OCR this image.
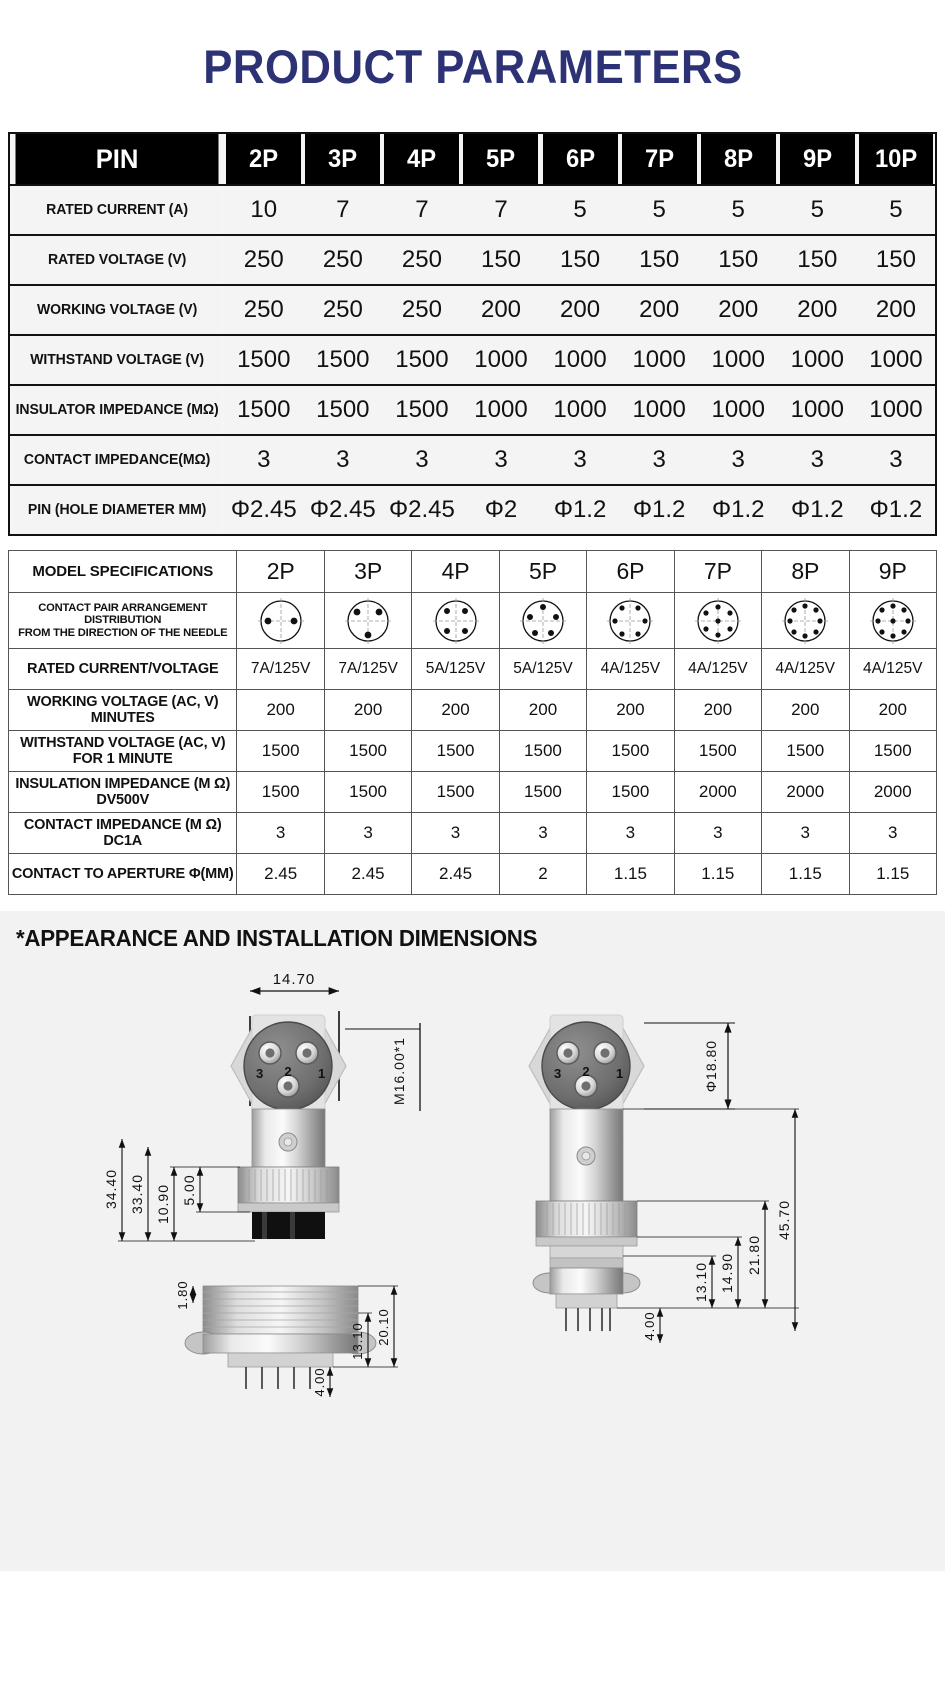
PRODUCT PARAMETERS
PIN	2P	3P	4P	5P	6P	7P	8P	9P	10P
RATED CURRENT (A)	10	7	7	7	5	5	5	5	5
RATED VOLTAGE (V)	250	250	250	150	150	150	150	150	150
WORKING VOLTAGE (V)	250	250	250	200	200	200	200	200	200
WITHSTAND VOLTAGE (V)	1500	1500	1500	1000	1000	1000	1000	1000	1000
INSULATOR IMPEDANCE (MΩ)	1500	1500	1500	1000	1000	1000	1000	1000	1000
CONTACT IMPEDANCE(MΩ)	3	3	3	3	3	3	3	3	3
PIN (HOLE DIAMETER MM)	Φ2.45	Φ2.45	Φ2.45	Φ2	Φ1.2	Φ1.2	Φ1.2	Φ1.2	Φ1.2
MODEL SPECIFICATIONS	2P	3P	4P	5P	6P	7P	8P	9P

CONTACT PAIR ARRANGEMENT DISTRIBUTION
FROM THE DIRECTION OF THE NEEDLE

RATED CURRENT/VOLTAGE	7A/125V	7A/125V	5A/125V	5A/125V	4A/125V	4A/125V	4A/125V	4A/125V

WORKING VOLTAGE (AC, V)
MINUTES	200	200	200	200	200	200	200	200

WITHSTAND VOLTAGE (AC, V)
FOR 1 MINUTE	1500	1500	1500	1500	1500	1500	1500	1500

INSULATION IMPEDANCE (M Ω)
DV500V	1500	1500	1500	1500	1500	2000	2000	2000

CONTACT IMPEDANCE (M Ω)
DC1A	3	3	3	3	3	3	3	3

CONTACT TO APERTURE Φ(MM)	2.45	2.45	2.45	2	1.15	1.15	1.15	1.15
*APPEARANCE AND INSTALLATION DIMENSIONS
14.70
3 2 1	M16.00*1
34.40 33.40 10.90 5.00
1.80
20.10
13.10
4.00
3 2 1	Φ18.80
45.70
21.80
14.90
13.10
4.00
